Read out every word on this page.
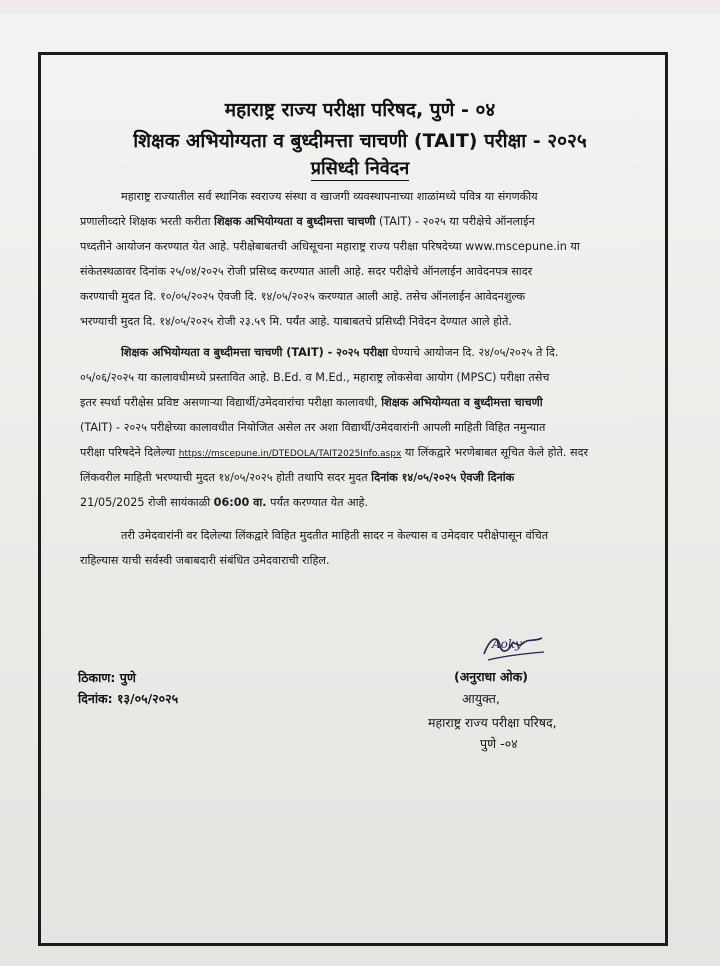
महाराष्ट्र राज्य परीक्षा परिषद, पुणे - ०४
शिक्षक अभियोग्यता व बुध्दीमत्ता चाचणी (TAIT) परीक्षा - २०२५
प्रसिध्दी निवेदन
महाराष्ट्र राज्यातील सर्व स्थानिक स्वराज्य संस्था व खाजगी व्यवस्थापनाच्या शाळांमध्ये पवित्र या संगणकीय
प्रणालीव्दारे शिक्षक भरती करीता शिक्षक अभियोग्यता व बुध्दीमत्ता चाचणी (TAIT) - २०२५ या परीक्षेचे ऑनलाईन
पध्दतीने आयोजन करण्यात येत आहे. परीक्षेबाबतची अधिसूचना महाराष्ट्र राज्य परीक्षा परिषदेच्या www.mscepune.in या
संकेतस्थळावर दिनांक २५/०४/२०२५ रोजी प्रसिध्द करण्यात आली आहे. सदर परीक्षेचे ऑनलाईन आवेदनपत्र सादर
करण्याची मुदत दि. १०/०५/२०२५ ऐवजी दि. १४/०५/२०२५ करण्यात आली आहे. तसेच ऑनलाईन आवेदनशुल्क
भरण्याची मुदत दि. १४/०५/२०२५ रोजी २३.५९ मि. पर्यंत आहे. याबाबतचे प्रसिध्दी निवेदन देण्यात आले होते.
शिक्षक अभियोग्यता व बुध्दीमत्ता चाचणी (TAIT) - २०२५ परीक्षा घेण्याचे आयोजन दि. २४/०५/२०२५ ते दि.
०५/०६/२०२५ या कालावधीमध्ये प्रस्तावित आहे. B.Ed. व M.Ed., महाराष्ट्र लोकसेवा आयोग (MPSC) परीक्षा तसेच
इतर स्पर्धा परीक्षेस प्रविष्ट असणाऱ्या विद्यार्थी/उमेदवारांचा परीक्षा कालावधी, शिक्षक अभियोग्यता व बुध्दीमत्ता चाचणी
(TAIT) - २०२५ परीक्षेच्या कालावधीत नियोजित असेल तर अशा विद्यार्थी/उमेदवारांनी आपली माहिती विहित नमुन्यात
परीक्षा परिषदेने दिलेल्या https://mscepune.in/DTEDOLA/TAIT2025Info.aspx या लिंकद्वारे भरणेबाबत सूचित केले होते. सदर
लिंकवरील माहिती भरण्याची मुदत १४/०५/२०२५ होती तथापि सदर मुदत दिनांक १४/०५/२०२५ ऐवजी दिनांक
21/05/2025 रोजी सायंकाळी 06:00 वा. पर्यंत करण्यात येत आहे.
तरी उमेदवारांनी वर दिलेल्या लिंकद्वारे विहित मुदतीत माहिती सादर न केल्यास व उमेदवार परीक्षेपासून वंचित
राहिल्यास याची सर्वस्वी जबाबदारी संबंधित उमेदवाराची राहिल.
Aoky
ठिकाण: पुणे
दिनांक: १३/०५/२०२५
(अनुराधा ओक)
आयुक्त,
महाराष्ट्र राज्य परीक्षा परिषद,
पुणे -०४
